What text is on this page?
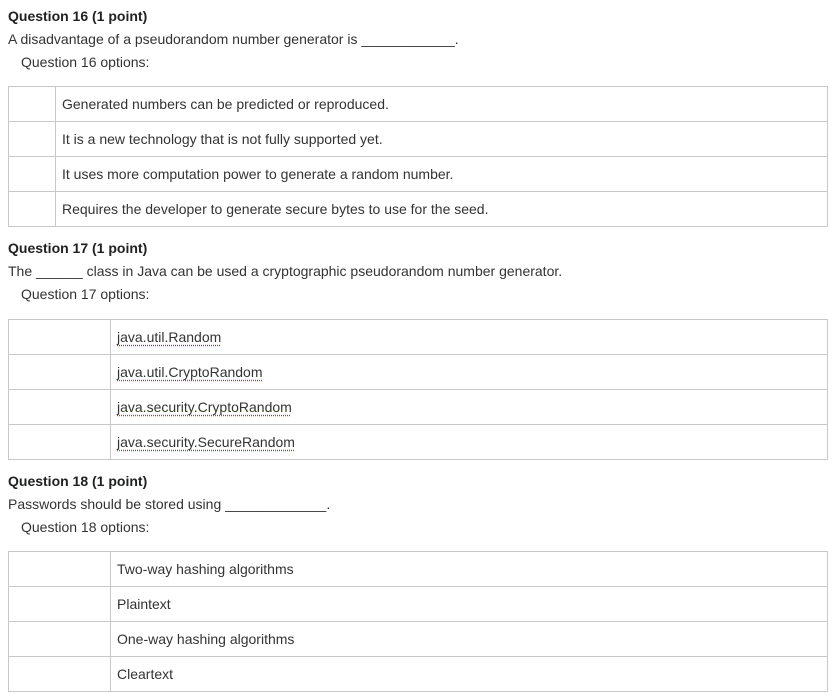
Question 16 (1 point)
A disadvantage of a pseudorandom number generator is ____________.
Question 16 options:
	Generated numbers can be predicted or reproduced.
	It is a new technology that is not fully supported yet.
	It uses more computation power to generate a random number.
	Requires the developer to generate secure bytes to use for the seed.
Question 17 (1 point)
The ______ class in Java can be used a cryptographic pseudorandom number generator.
Question 17 options:
	java.util.Random
	java.util.CryptoRandom
	java.security.CryptoRandom
	java.security.SecureRandom
Question 18 (1 point)
Passwords should be stored using _____________.
Question 18 options:
	Two-way hashing algorithms
	Plaintext
	One-way hashing algorithms
	Cleartext
